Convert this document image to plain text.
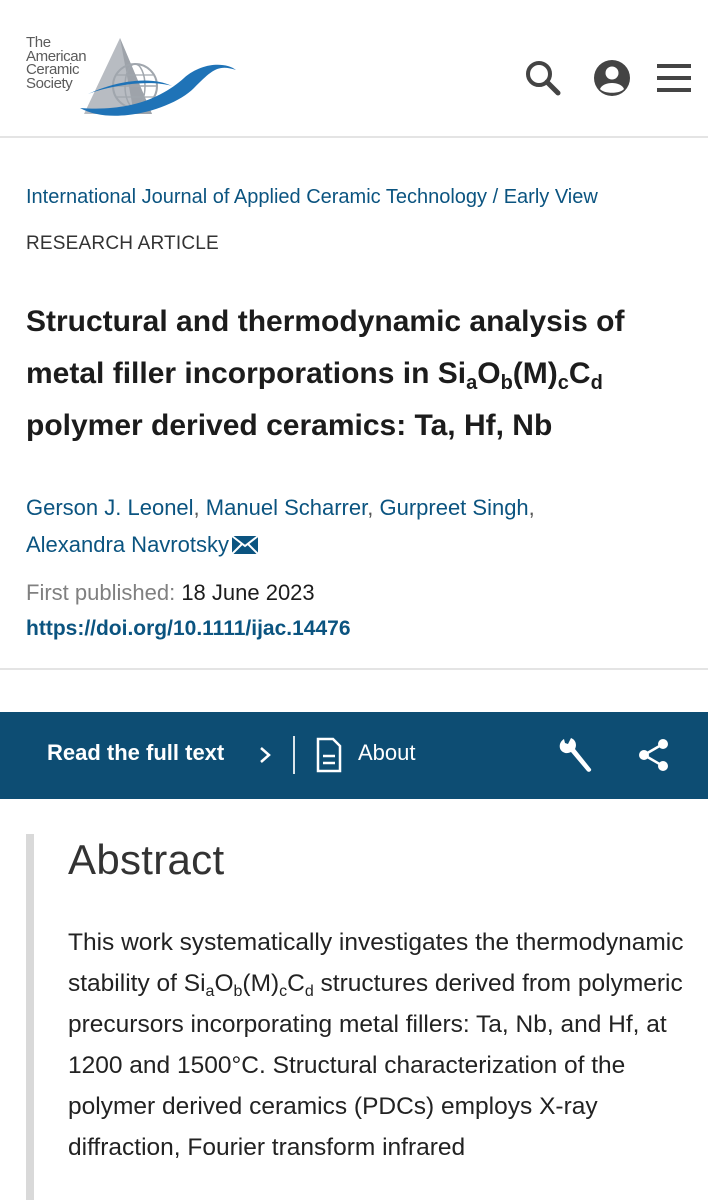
The
American
Ceramic
Society
International Journal of Applied Ceramic Technology / Early View
RESEARCH ARTICLE
Structural and thermodynamic analysis of metal filler incorporations in $Si_aO_b(M)_cC_d$
polymer derived ceramics: Ta, Hf, Nb
Gerson J. Leonel, Manuel Scharrer, Gurpreet Singh,
Alexandra Navrotsky
First published: 18 June 2023
https://doi.org/10.1111/ijac.14476
Read the full text	About
Abstract

This work systematically investigates the thermodynamic stability of $Si_aO_b(M)_cC_d$ structures derived from polymeric precursors incorporating metal fillers: Ta, Nb, and Hf, at 1200 and 1500°C. Structural characterization of the polymer derived ceramics (PDCs) employs X-ray diffraction, Fourier transform infrared
